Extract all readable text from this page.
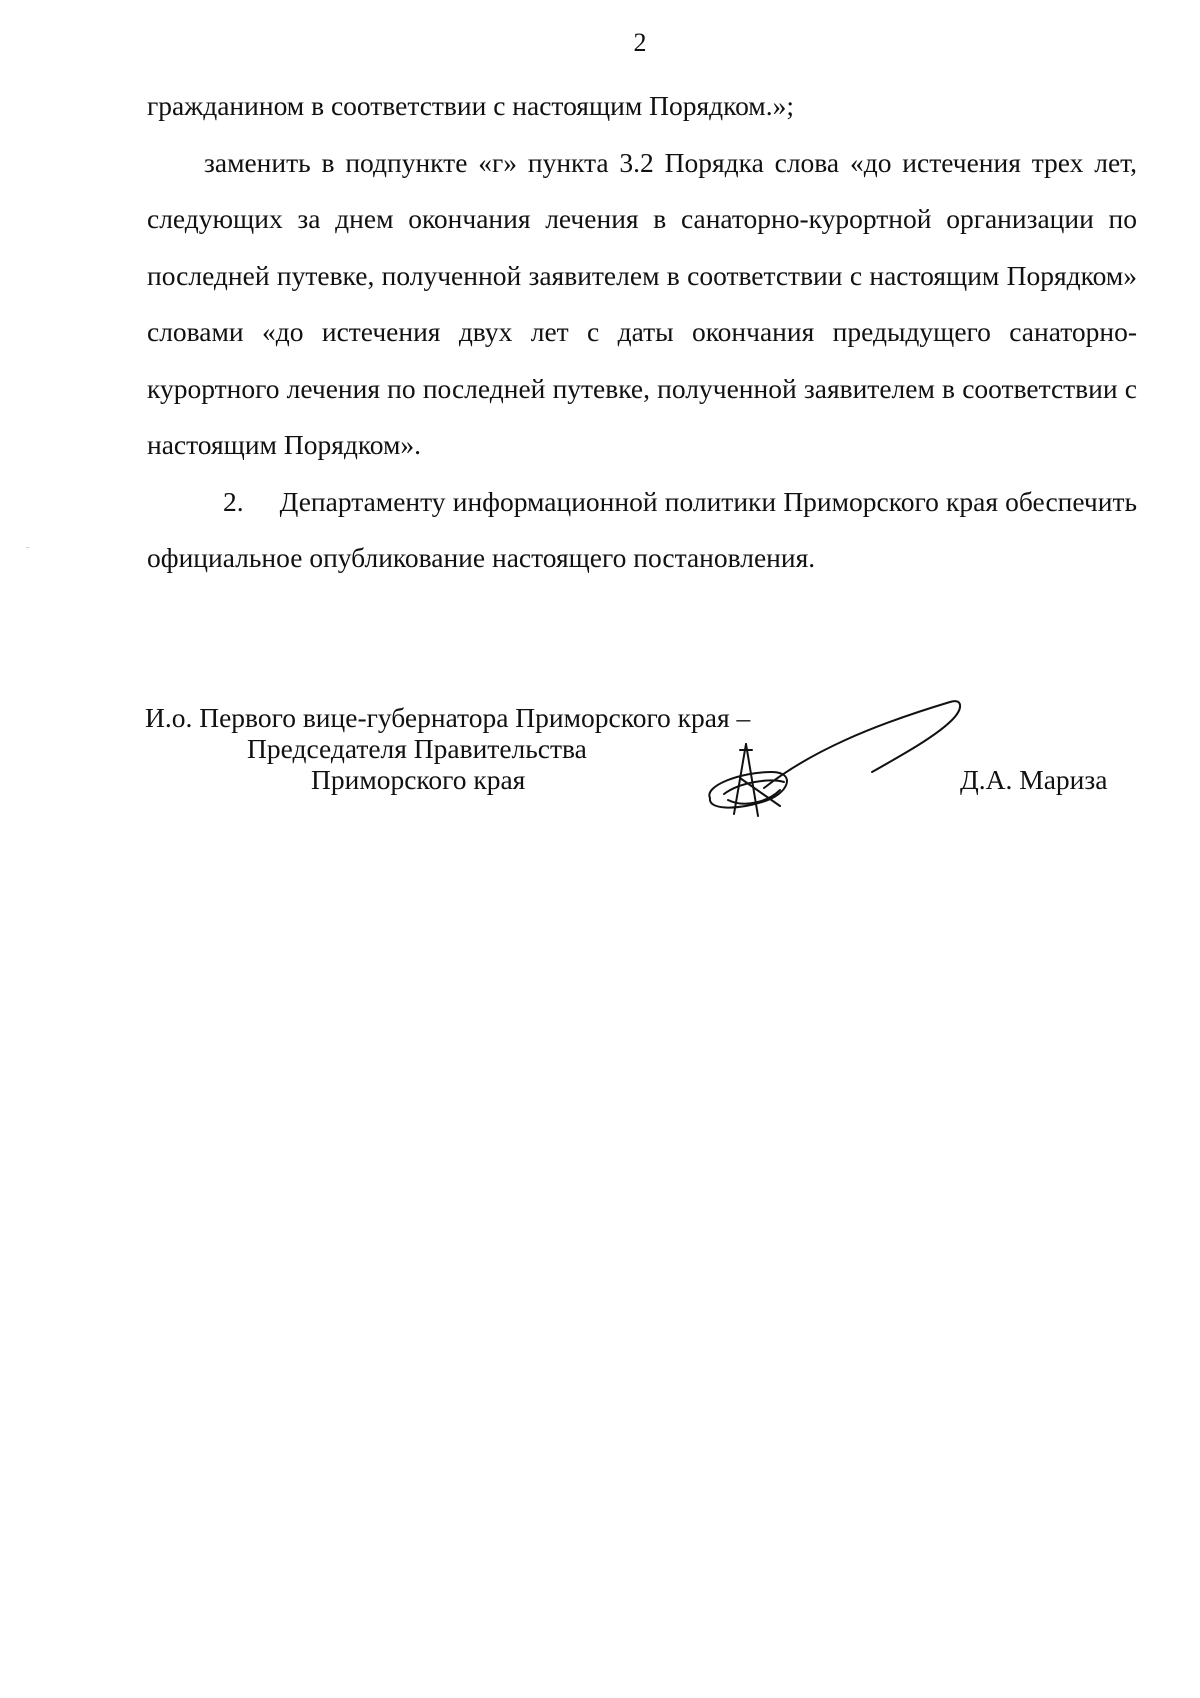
2

гражданином в соответствии с настоящим Порядком.»;

заменить в подпункте «г» пункта 3.2 Порядка слова «до истечения трех лет, следующих за днем окончания лечения в санаторно-курортной организации по последней путевке, полученной заявителем в соответствии с настоящим Порядком» словами «до истечения двух лет с даты окончания предыдущего санаторно-курортного лечения по последней путевке, полученной заявителем в соответствии с настоящим Порядком».

2.     Департаменту информационной политики Приморского края обеспечить официальное опубликование настоящего постановления.

И.о. Первого вице-губернатора Приморского края –
Председателя Правительства
Приморского края	Д.А. Мариза
